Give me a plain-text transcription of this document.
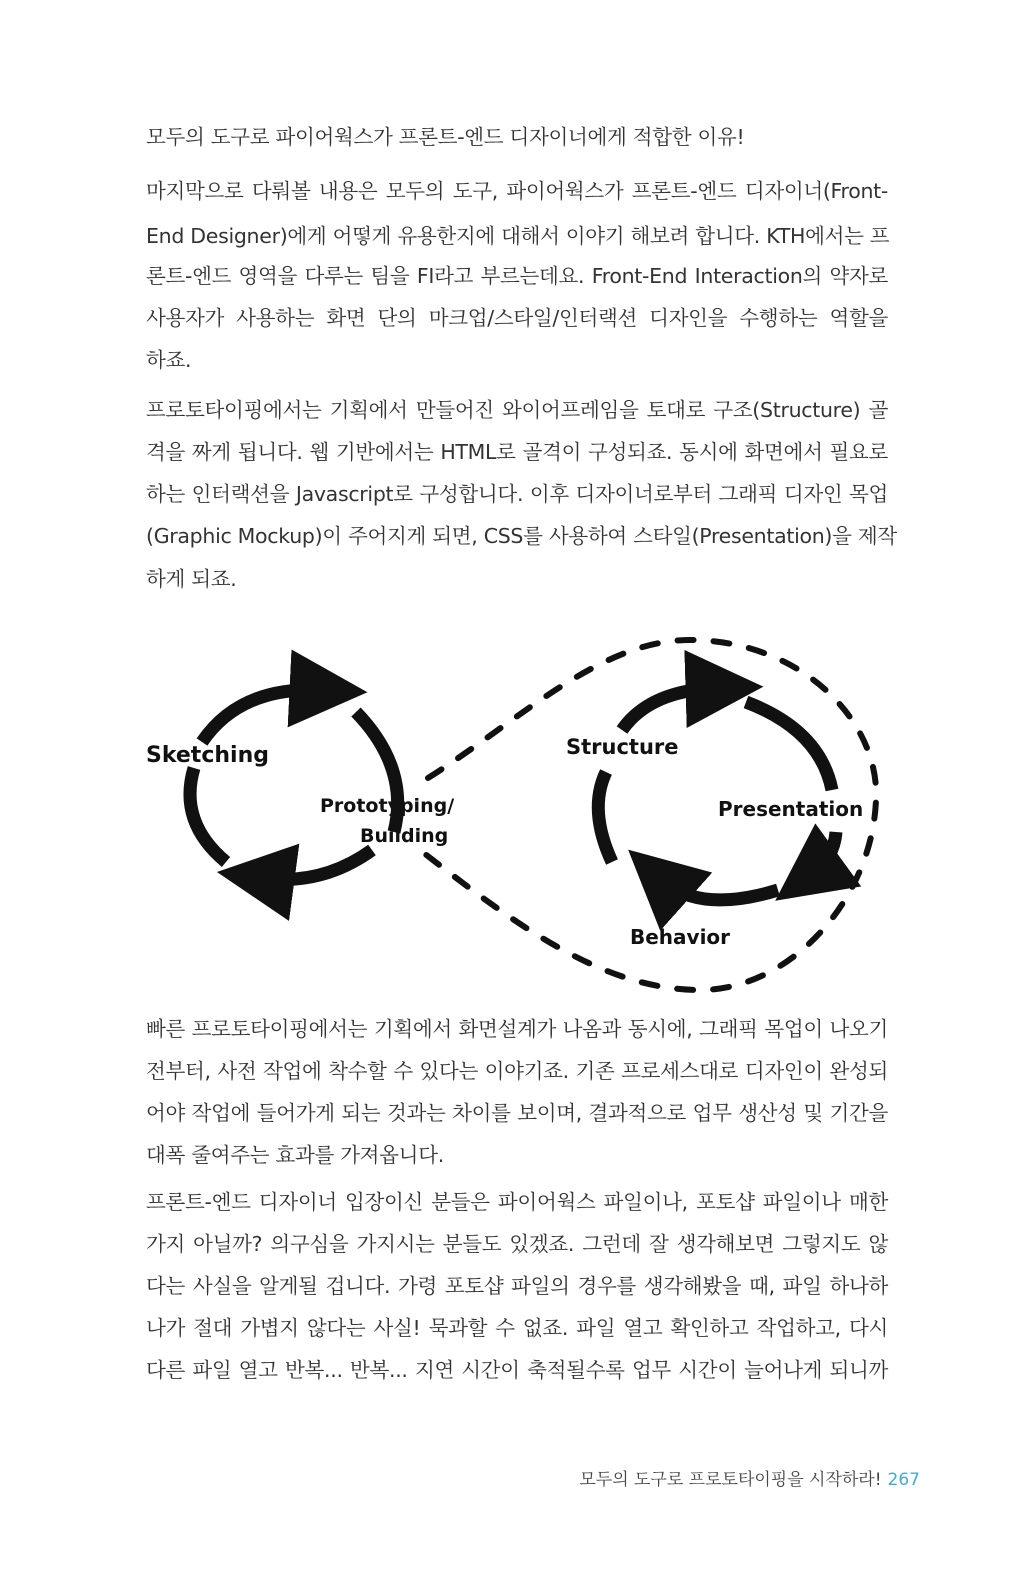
모두의 도구로 파이어웍스가 프론트-엔드 디자이너에게 적합한 이유!
마지막으로 다뤄볼 내용은 모두의 도구, 파이어웍스가 프론트-엔드 디자이너(Front-
End Designer)에게 어떻게 유용한지에 대해서 이야기 해보려 합니다. KTH에서는 프
론트-엔드 영역을 다루는 팀을 FI라고 부르는데요. Front-End Interaction의 약자로
사용자가 사용하는 화면 단의 마크업/스타일/인터랙션 디자인을 수행하는 역할을
하죠.
프로토타이핑에서는 기획에서 만들어진 와이어프레임을 토대로 구조(Structure) 골
격을 짜게 됩니다. 웹 기반에서는 HTML로 골격이 구성되죠. 동시에 화면에서 필요로
하는 인터랙션을 Javascript로 구성합니다. 이후 디자이너로부터 그래픽 디자인 목업
(Graphic Mockup)이 주어지게 되면, CSS를 사용하여 스타일(Presentation)을 제작
하게 되죠.
Sketching
Prototyping/
Building
Structure
Presentation
Behavior
빠른 프로토타이핑에서는 기획에서 화면설계가 나옴과 동시에, 그래픽 목업이 나오기
전부터, 사전 작업에 착수할 수 있다는 이야기죠. 기존 프로세스대로 디자인이 완성되
어야 작업에 들어가게 되는 것과는 차이를 보이며, 결과적으로 업무 생산성 및 기간을
대폭 줄여주는 효과를 가져옵니다.
프론트-엔드 디자이너 입장이신 분들은 파이어웍스 파일이나, 포토샵 파일이나 매한
가지 아닐까? 의구심을 가지시는 분들도 있겠죠. 그런데 잘 생각해보면 그렇지도 않
다는 사실을 알게될 겁니다. 가령 포토샵 파일의 경우를 생각해봤을 때, 파일 하나하
나가 절대 가볍지 않다는 사실! 묵과할 수 없죠. 파일 열고 확인하고 작업하고, 다시
다른 파일 열고 반복... 반복... 지연 시간이 축적될수록 업무 시간이 늘어나게 되니까
모두의 도구로 프로토타이핑을 시작하라! 267
